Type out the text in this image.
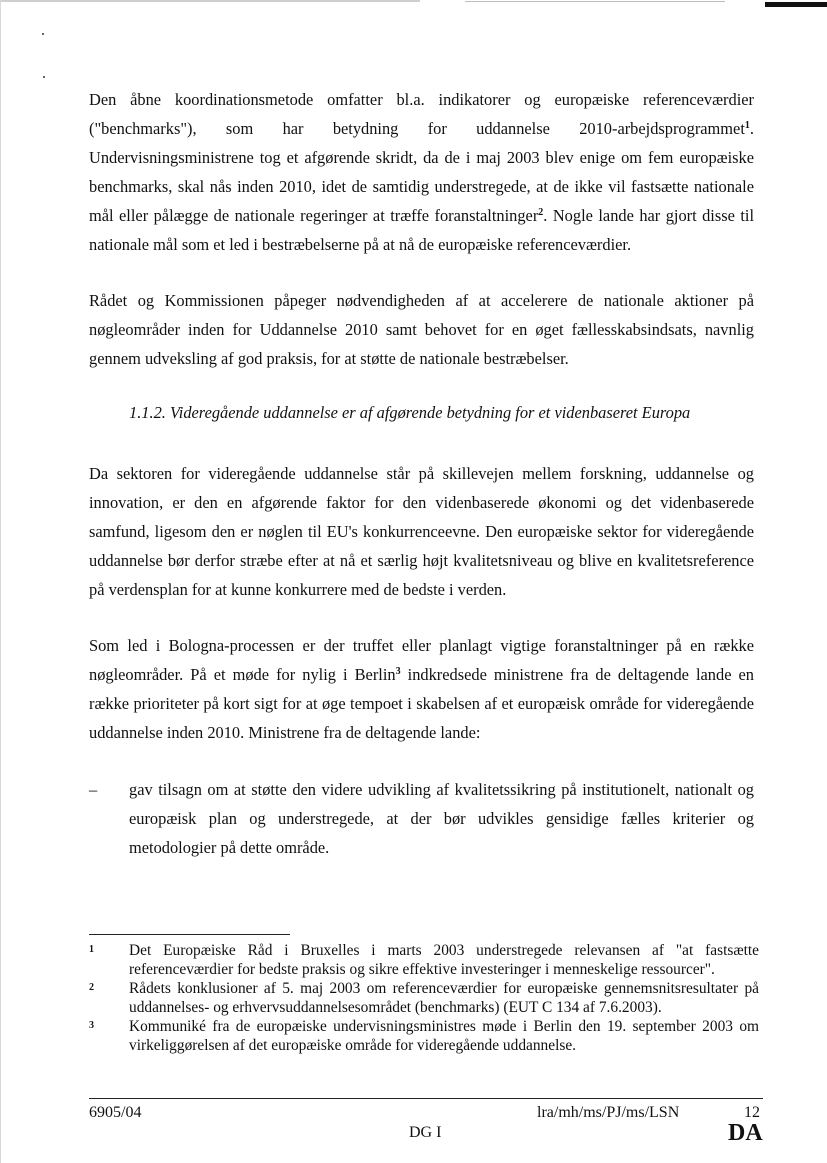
Den åbne koordinationsmetode omfatter bl.a. indikatorer og europæiske referenceværdier ("benchmarks"), som har betydning for uddannelse 2010-arbejdsprogrammet$^1$. Undervisningsministrene tog et afgørende skridt, da de i maj 2003 blev enige om fem europæiske benchmarks, skal nås inden 2010, idet de samtidig understregede, at de ikke vil fastsætte nationale mål eller pålægge de nationale regeringer at træffe foranstaltninger$^2$. Nogle lande har gjort disse til nationale mål som et led i bestræbelserne på at nå de europæiske referenceværdier.

Rådet og Kommissionen påpeger nødvendigheden af at accelerere de nationale aktioner på nøgleområder inden for Uddannelse 2010 samt behovet for en øget fællesskabsindsats, navnlig gennem udveksling af god praksis, for at støtte de nationale bestræbelser.

1.1.2. Videregående uddannelse er af afgørende betydning for et videnbaseret Europa

Da sektoren for videregående uddannelse står på skillevejen mellem forskning, uddannelse og innovation, er den en afgørende faktor for den videnbaserede økonomi og det videnbaserede samfund, ligesom den er nøglen til EU's konkurrenceevne. Den europæiske sektor for videregående uddannelse bør derfor stræbe efter at nå et særlig højt kvalitetsniveau og blive en kvalitetsreference på verdensplan for at kunne konkurrere med de bedste i verden.

Som led i Bologna-processen er der truffet eller planlagt vigtige foranstaltninger på en række nøgleområder. På et møde for nylig i Berlin$^3$ indkredsede ministrene fra de deltagende lande en række prioriteter på kort sigt for at øge tempoet i skabelsen af et europæisk område for videregående uddannelse inden 2010. Ministrene fra de deltagende lande:

– gav tilsagn om at støtte den videre udvikling af kvalitetssikring på institutionelt, nationalt og europæisk plan og understregede, at der bør udvikles gensidige fælles kriterier og metodologier på dette område.
1 Det Europæiske Råd i Bruxelles i marts 2003 understregede relevansen af "at fastsætte referenceværdier for bedste praksis og sikre effektive investeringer i menneskelige ressourcer".
2 Rådets konklusioner af 5. maj 2003 om referenceværdier for europæiske gennemsnitsresultater på uddannelses- og erhvervsuddannelsesområdet (benchmarks) (EUT C 134 af 7.6.2003).
3 Kommuniké fra de europæiske undervisningsministres møde i Berlin den 19. september 2003 om virkeliggørelsen af det europæiske område for videregående uddannelse.
6905/04	lra/mh/ms/PJ/ms/LSN	12
DG I	DA
